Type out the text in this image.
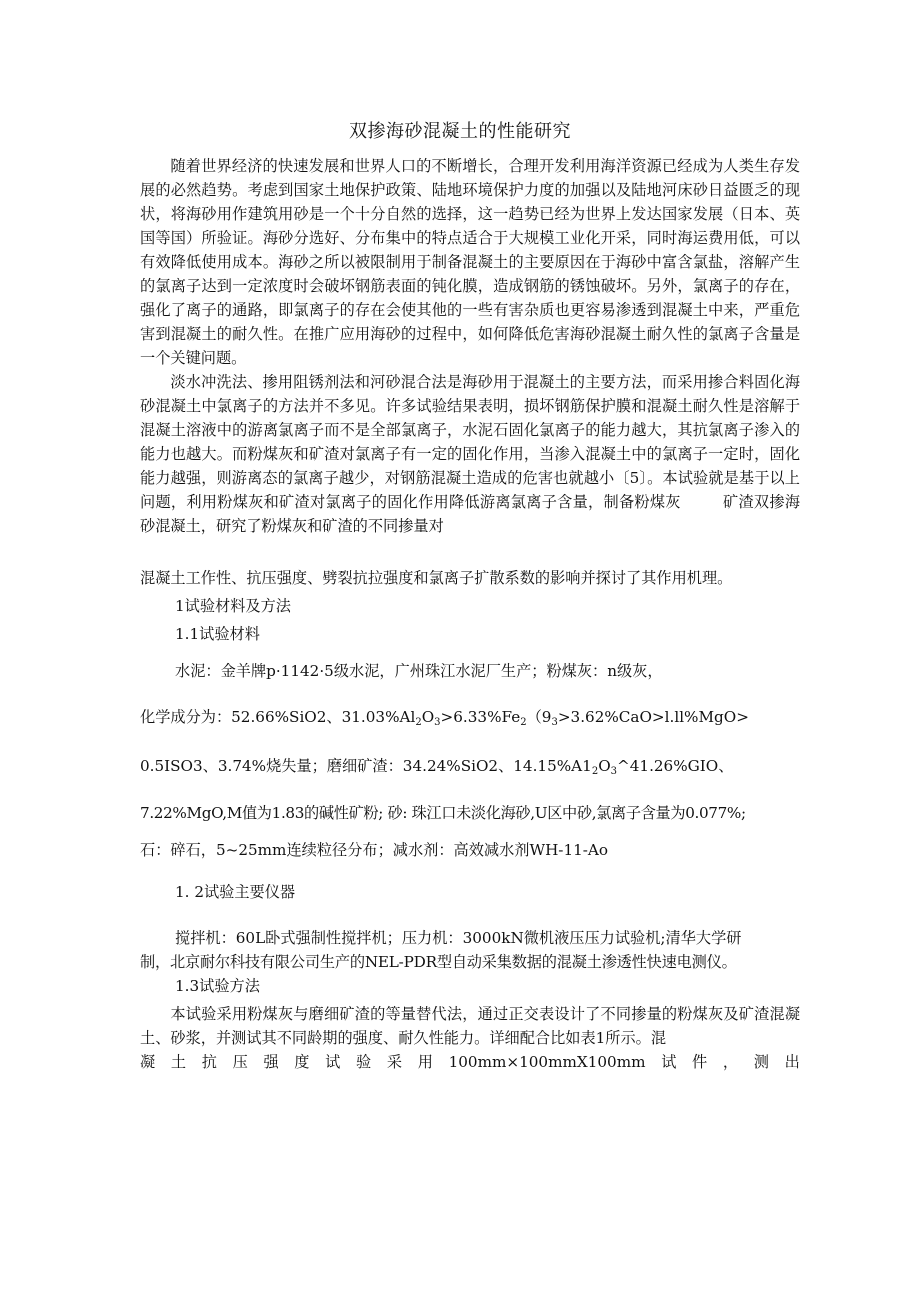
双掺海砂混凝土的性能研究

随着世界经济的快速发展和世界人口的不断增长，合理开发利用海洋资源已经成为人类生存发展的必然趋势。考虑到国家土地保护政策、陆地环境保护力度的加强以及陆地河床砂日益匮乏的现状，将海砂用作建筑用砂是一个十分自然的选择，这一趋势已经为世界上发达国家发展（日本、英国等国）所验证。海砂分选好、分布集中的特点适合于大规模工业化开采，同时海运费用低，可以有效降低使用成本。海砂之所以被限制用于制备混凝土的主要原因在于海砂中富含氯盐，溶解产生的氯离子达到一定浓度时会破坏钢筋表面的钝化膜，造成钢筋的锈蚀破坏。另外，氯离子的存在，强化了离子的通路，即氯离子的存在会使其他的一些有害杂质也更容易渗透到混凝土中来，严重危害到混凝土的耐久性。在推广应用海砂的过程中，如何降低危害海砂混凝土耐久性的氯离子含量是一个关键问题。

淡水冲洗法、掺用阻锈剂法和河砂混合法是海砂用于混凝土的主要方法，而采用掺合料固化海砂混凝土中氯离子的方法并不多见。许多试验结果表明，损坏钢筋保护膜和混凝土耐久性是溶解于混凝土溶液中的游离氯离子而不是全部氯离子，水泥石固化氯离子的能力越大，其抗氯离子渗入的能力也越大。而粉煤灰和矿渣对氯离子有一定的固化作用，当渗入混凝土中的氯离子一定时，固化能力越强，则游离态的氯离子越少，对钢筋混凝土造成的危害也就越小〔5〕。本试验就是基于以上问题，利用粉煤灰和矿渣对氯离子的固化作用降低游离氯离子含量，制备粉煤灰	矿渣双掺海砂混凝土，研究了粉煤灰和矿渣的不同掺量对

混凝土工作性、抗压强度、劈裂抗拉强度和氯离子扩散系数的影响并探讨了其作用机理。
1试验材料及方法
1.1试验材料
水泥：金羊牌p·1142·5级水泥，广州珠江水泥厂生产；粉煤灰：n级灰，
化学成分为：52.66%SiO2、$31.03\%Al_2O_3>6.33\%Fe_2(9_3>3.62\%CaO>l.ll\%MgO>$
0.5ISO3、3.74%烧失量；磨细矿渣：34.24%SiO2、$14.15\%A1_2O_3\^{}41.26\%GIO$、
7.22%MgO,M值为1.83的碱性矿粉; 砂: 珠江口未淡化海砂,U区中砂,氯离子含量为0.077%;
石：碎石，5~25mm连续粒径分布；减水剂：高效减水剂WH-11-Ao
1. 2试验主要仪器
搅拌机：60L卧式强制性搅拌机；压力机：3000kN微机液压压力试验机;清华大学研
制，北京耐尔科技有限公司生产的NEL-PDR型自动采集数据的混凝土渗透性快速电测仪。
1.3试验方法

本试验采用粉煤灰与磨细矿渣的等量替代法，通过正交表设计了不同掺量的粉煤灰及矿渣混凝土、砂浆，并测试其不同龄期的强度、耐久性能力。详细配合比如表1所示。混

凝 土 抗 压 强 度 试 验 采 用 100mm×100mmX100mm 试 件 ， 测 出
